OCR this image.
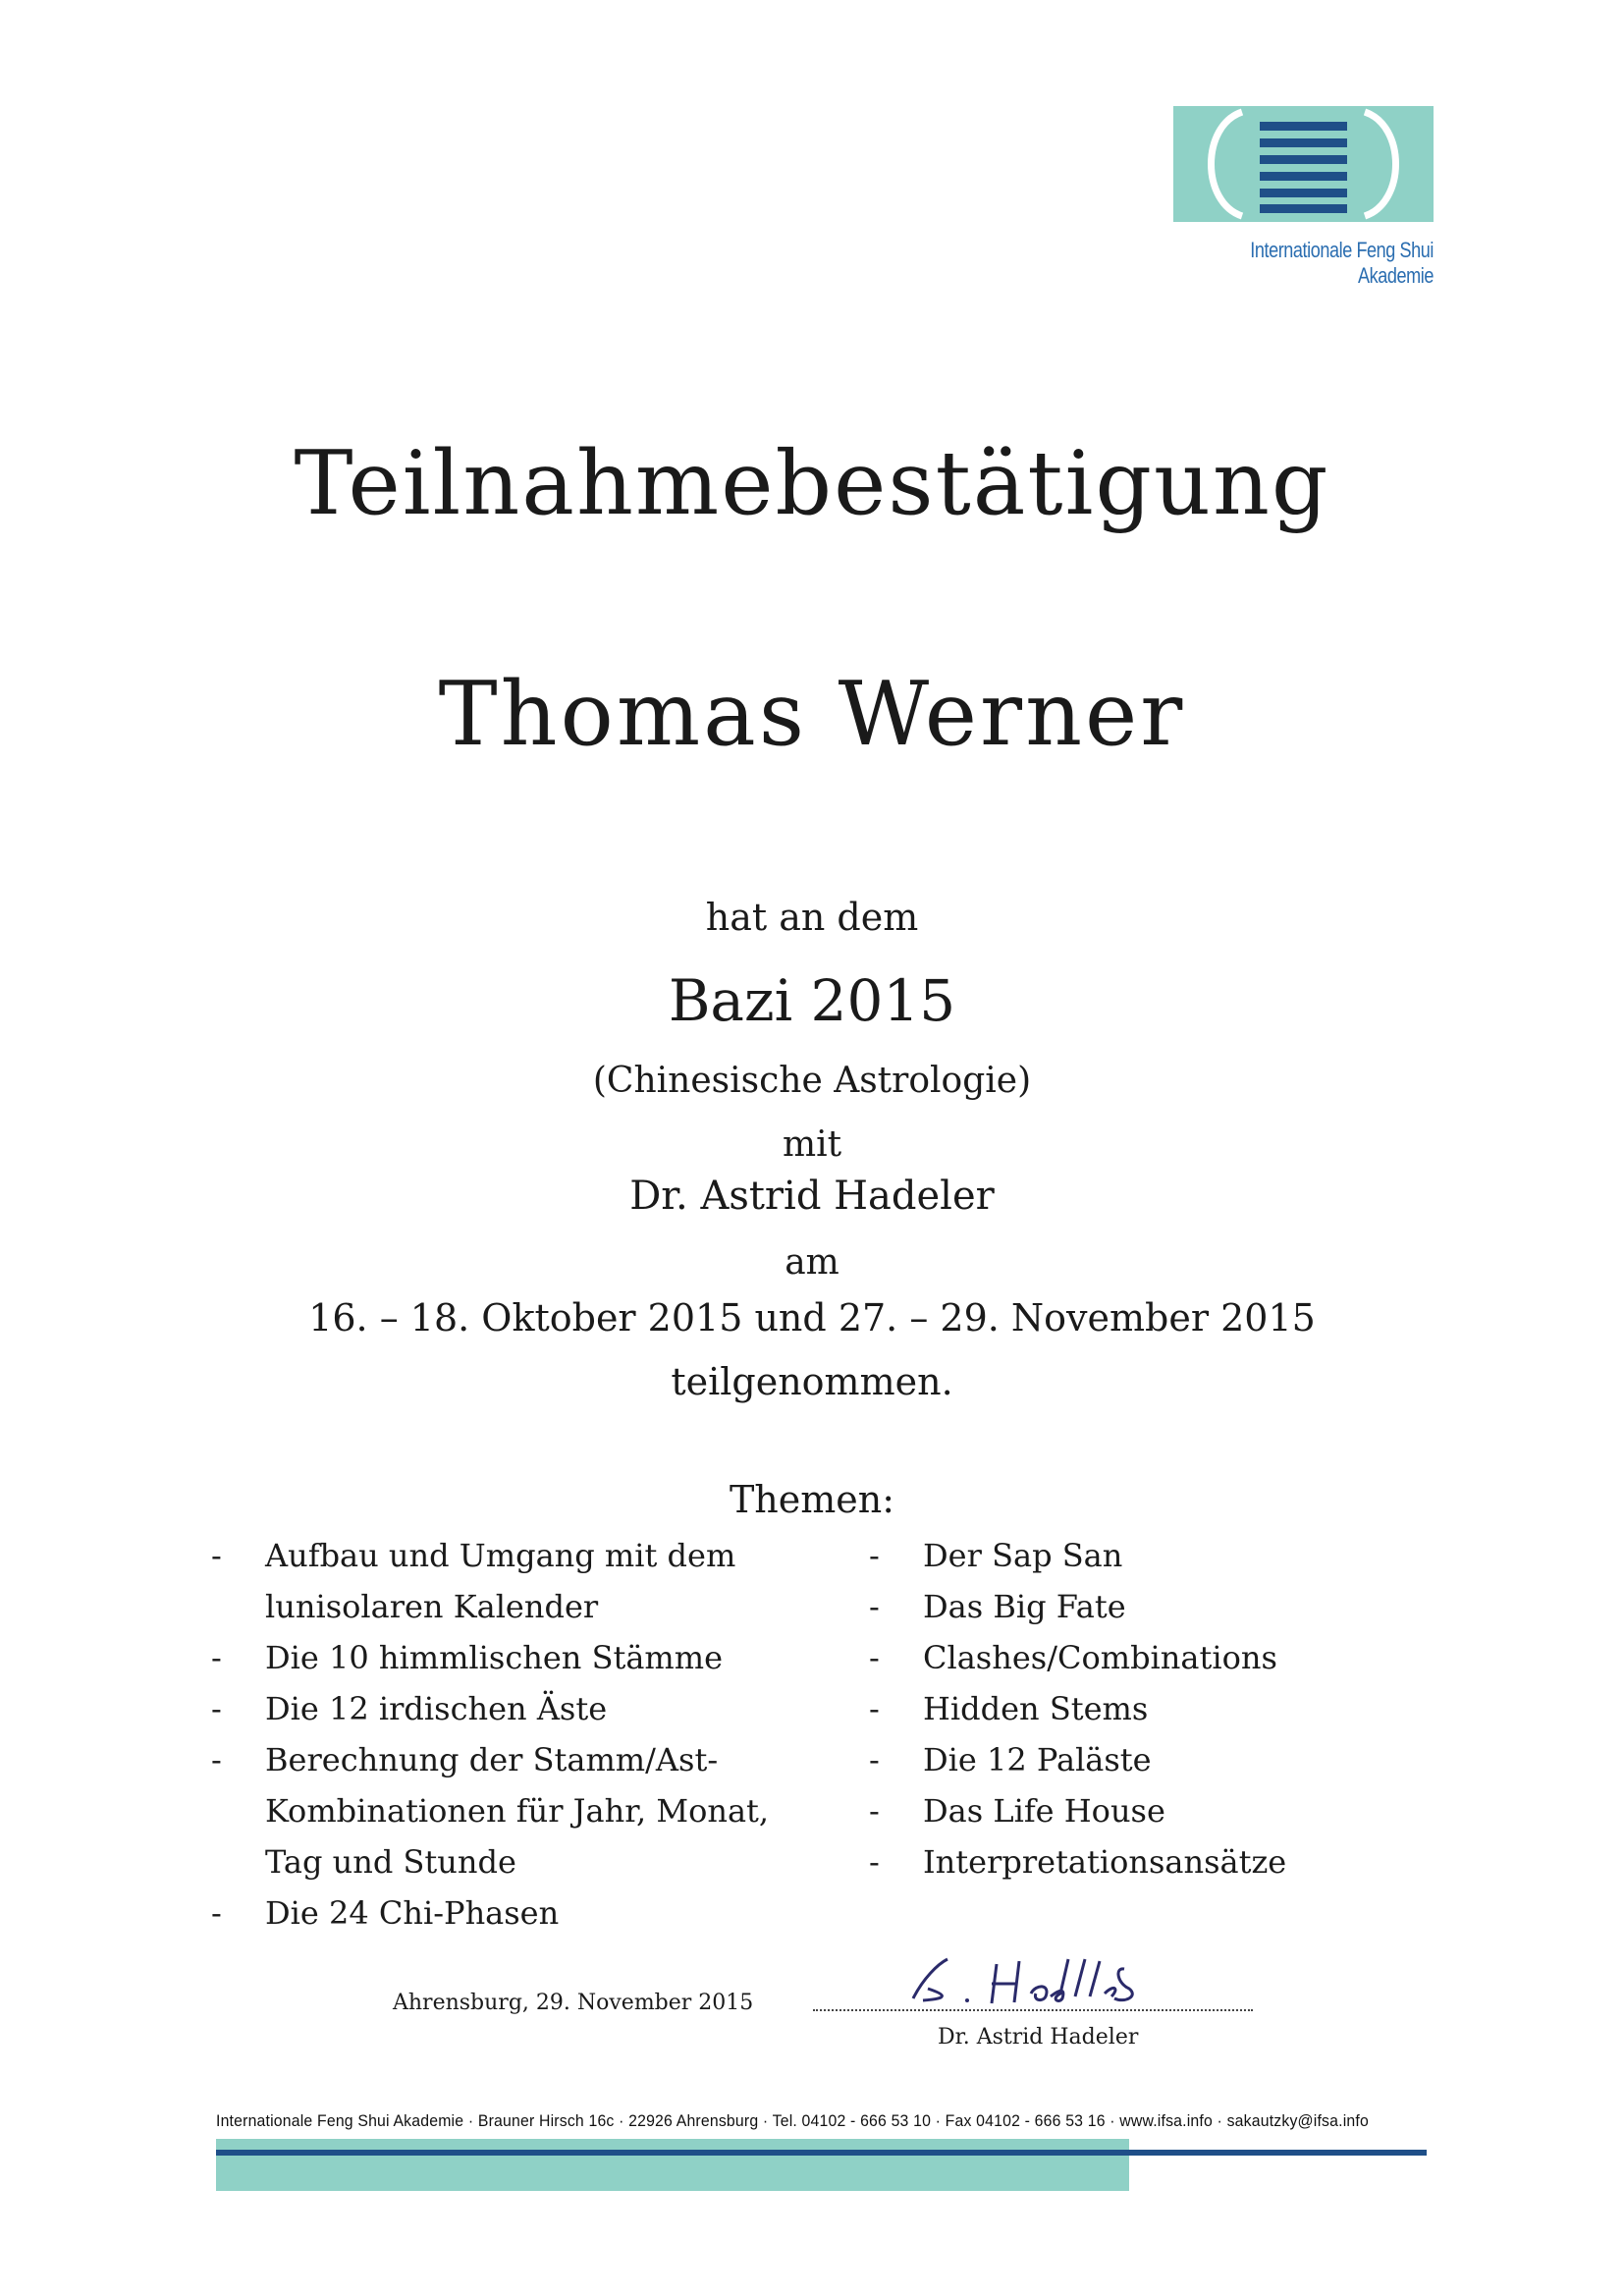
Internationale Feng Shui Akademie
Teilnahmebestätigung
Thomas Werner
hat an dem
Bazi 2015
(Chinesische Astrologie)
mit
Dr. Astrid Hadeler
am
16. – 18. Oktober 2015 und 27. – 29. November 2015
teilgenommen.
Themen:
- Aufbau und Umgang mit dem lunisolaren Kalender
- Die 10 himmlischen Stämme
- Die 12 irdischen Äste
- Berechnung der Stamm/Ast-Kombinationen für Jahr, Monat, Tag und Stunde
- Die 24 Chi-Phasen
- Der Sap San
- Das Big Fate
- Clashes/Combinations
- Hidden Stems
- Die 12 Paläste
- Das Life House
- Interpretationsansätze
Ahrensburg, 29. November 2015
Dr. Astrid Hadeler
Internationale Feng Shui Akademie · Brauner Hirsch 16c · 22926 Ahrensburg · Tel. 04102 - 666 53 10 · Fax 04102 - 666 53 16 · www.ifsa.info · sakautzky@ifsa.info
